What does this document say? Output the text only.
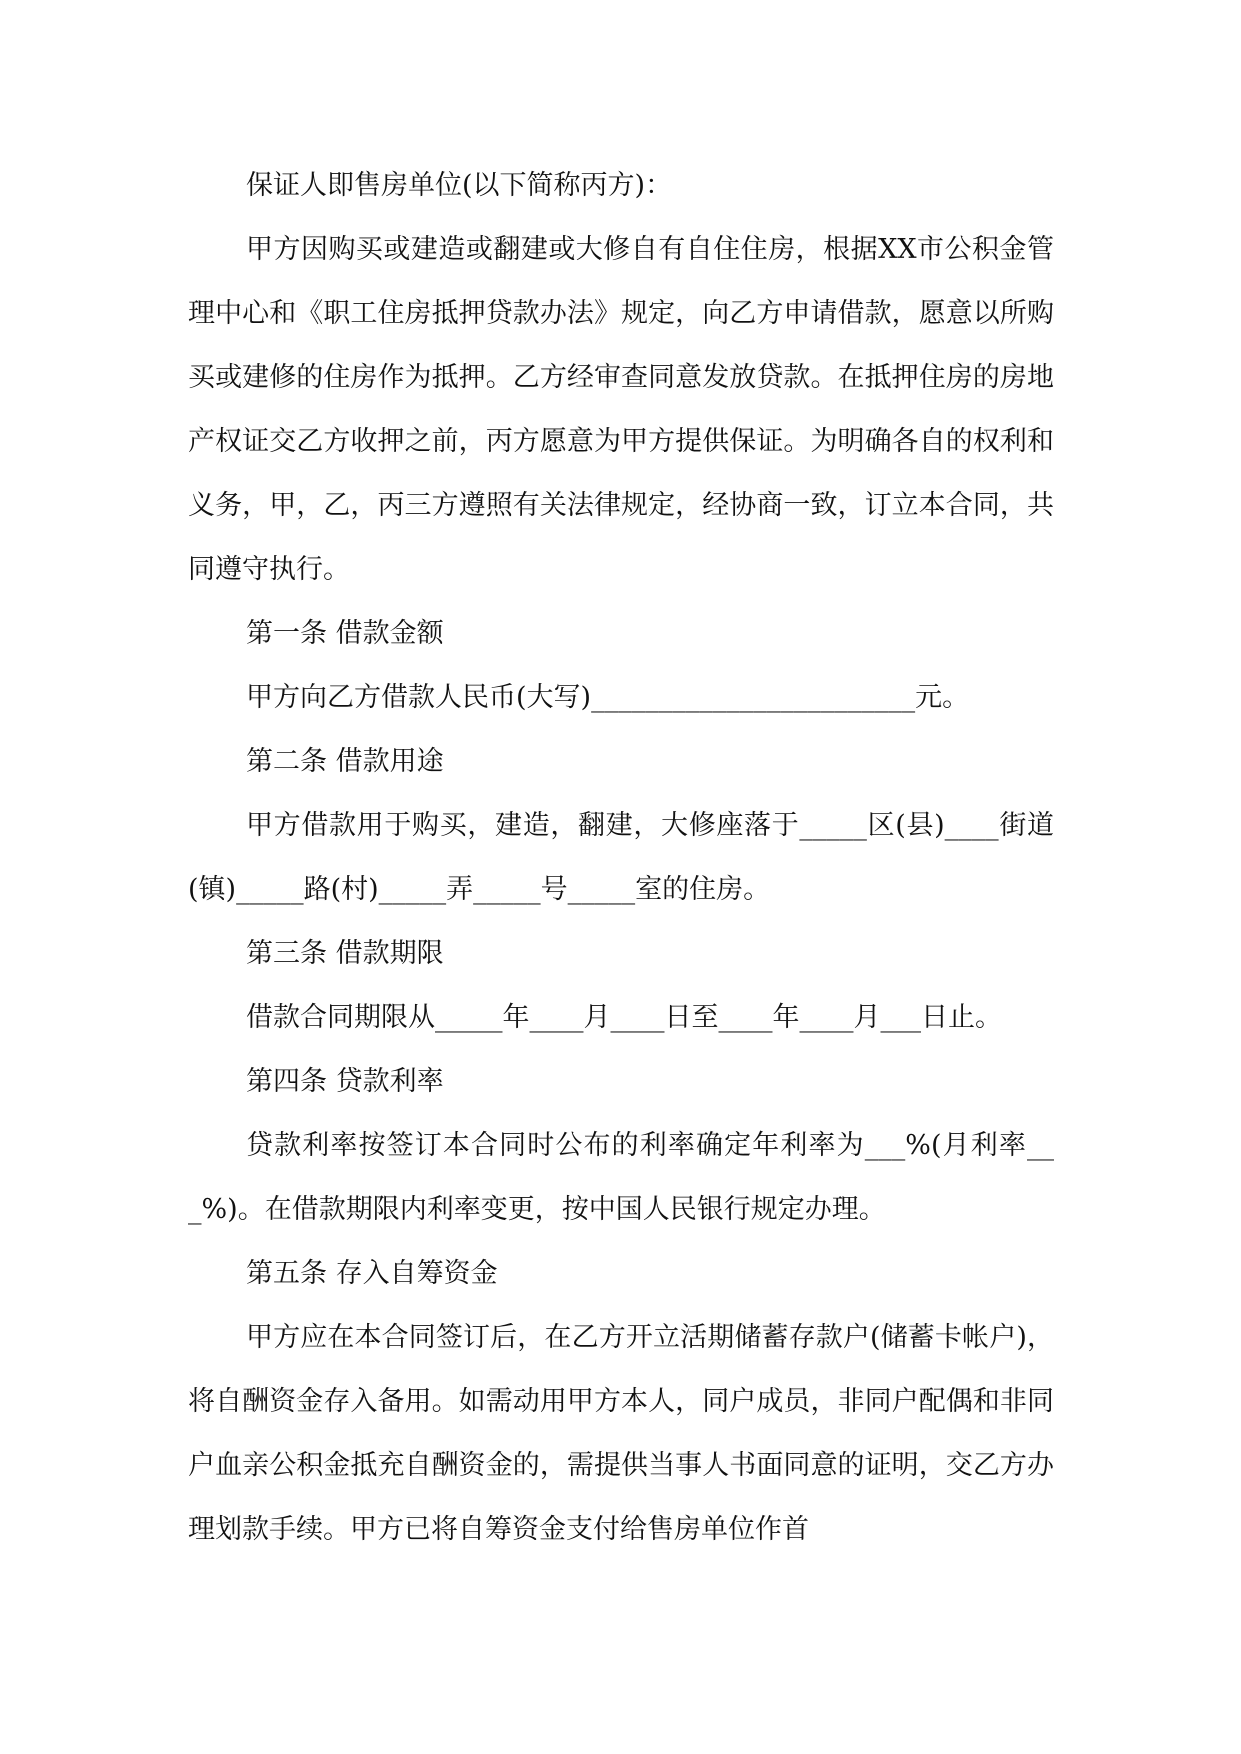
保证人即售房单位(以下简称丙方)：

甲方因购买或建造或翻建或大修自有自住住房，根据XX市公积金管理中心和《职工住房抵押贷款办法》规定，向乙方申请借款，愿意以所购买或建修的住房作为抵押。乙方经审查同意发放贷款。在抵押住房的房地产权证交乙方收押之前，丙方愿意为甲方提供保证。为明确各自的权利和义务，甲，乙，丙三方遵照有关法律规定，经协商一致，订立本合同，共同遵守执行。

第一条 借款金额

甲方向乙方借款人民币(大写)________________________元。

第二条 借款用途

甲方借款用于购买，建造，翻建，大修座落于_____区(县)____街道(镇)_____路(村)_____弄_____号_____室的住房。

第三条 借款期限

借款合同期限从_____年____月____日至____年____月___日止。

第四条 贷款利率

贷款利率按签订本合同时公布的利率确定年利率为___%(月利率___%)。在借款期限内利率变更，按中国人民银行规定办理。

第五条 存入自筹资金

甲方应在本合同签订后，在乙方开立活期储蓄存款户(储蓄卡帐户)，将自酬资金存入备用。如需动用甲方本人，同户成员，非同户配偶和非同户血亲公积金抵充自酬资金的，需提供当事人书面同意的证明，交乙方办理划款手续。甲方已将自筹资金支付给售房单位作首
